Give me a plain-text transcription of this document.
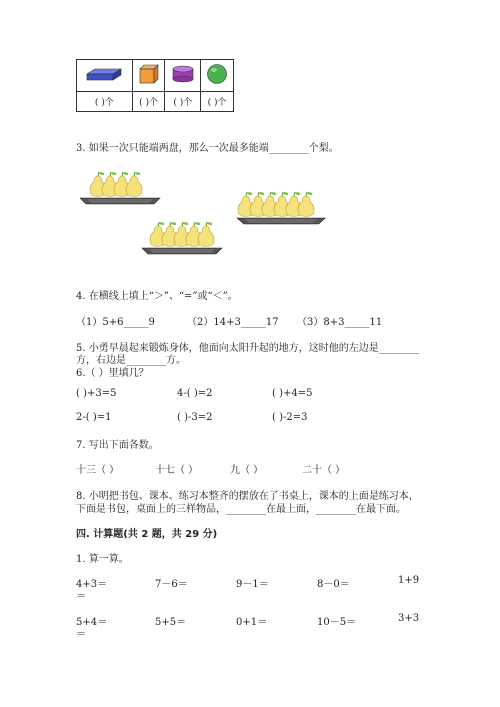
( )个	( )个	( )个	( )个
3. 如果一次只能端两盘，那么一次最多能端________个梨。
4. 在横线上填上“＞”、“=”或“＜”。
（1）5+6_____9	（2）14+3_____17 （3）8+3_____11
5. 小勇早晨起来锻炼身体，他面向太阳升起的地方，这时他的左边是________
方，右边是________方。
6.（ ）里填几？
( )+3=5	4-( )=2	( )+4=5
2-( )=1	( )-3=2	( )-2=3
7. 写出下面各数。
十三（ ）	十七（ ）	九（ ）	二十（ ）
8. 小明把书包、课本、练习本整齐的摆放在了书桌上，课本的上面是练习本，
下面是书包，桌面上的三样物品，________在最上面，________在最下面。
四. 计算题(共 2 题，共 29 分)
1. 算一算。
4+3＝	7－6＝	9－1＝	8－0＝	1+9
＝
5+4＝	5+5＝	0+1＝	10－5＝	3+3
＝
